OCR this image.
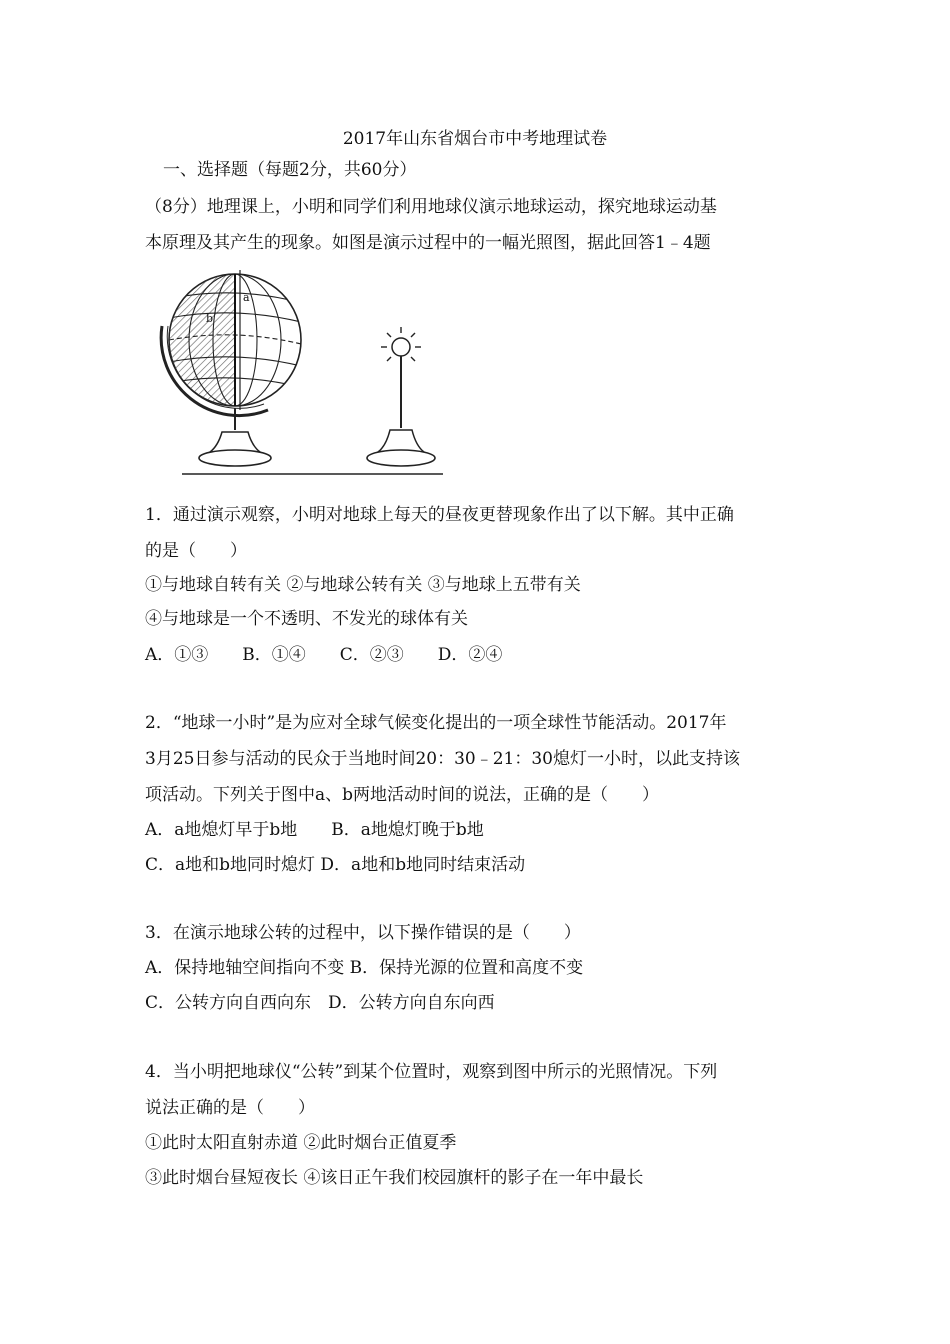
2017年山东省烟台市中考地理试卷
一、选择题（每题2分，共60分）
（8分）地理课上，小明和同学们利用地球仪演示地球运动，探究地球运动基
本原理及其产生的现象。如图是演示过程中的一幅光照图，据此回答1﹣4题
a
b
1．通过演示观察，小明对地球上每天的昼夜更替现象作出了以下解。其中正确
的是（　　）
①与地球自转有关 ②与地球公转有关 ③与地球上五带有关
④与地球是一个不透明、不发光的球体有关
A．①③　　B．①④　　C．②③　　D．②④
2．“地球一小时”是为应对全球气候变化提出的一项全球性节能活动。2017年
3月25日参与活动的民众于当地时间20：30﹣21：30熄灯一小时，以此支持该
项活动。下列关于图中a、b两地活动时间的说法，正确的是（　　）
A．a地熄灯早于b地　　B．a地熄灯晚于b地
C．a地和b地同时熄灯 D．a地和b地同时结束活动
3．在演示地球公转的过程中，以下操作错误的是（　　）
A．保持地轴空间指向不变 B．保持光源的位置和高度不变
C．公转方向自西向东　D．公转方向自东向西
4．当小明把地球仪“公转”到某个位置时，观察到图中所示的光照情况。下列
说法正确的是（　　）
①此时太阳直射赤道 ②此时烟台正值夏季
③此时烟台昼短夜长 ④该日正午我们校园旗杆的影子在一年中最长
